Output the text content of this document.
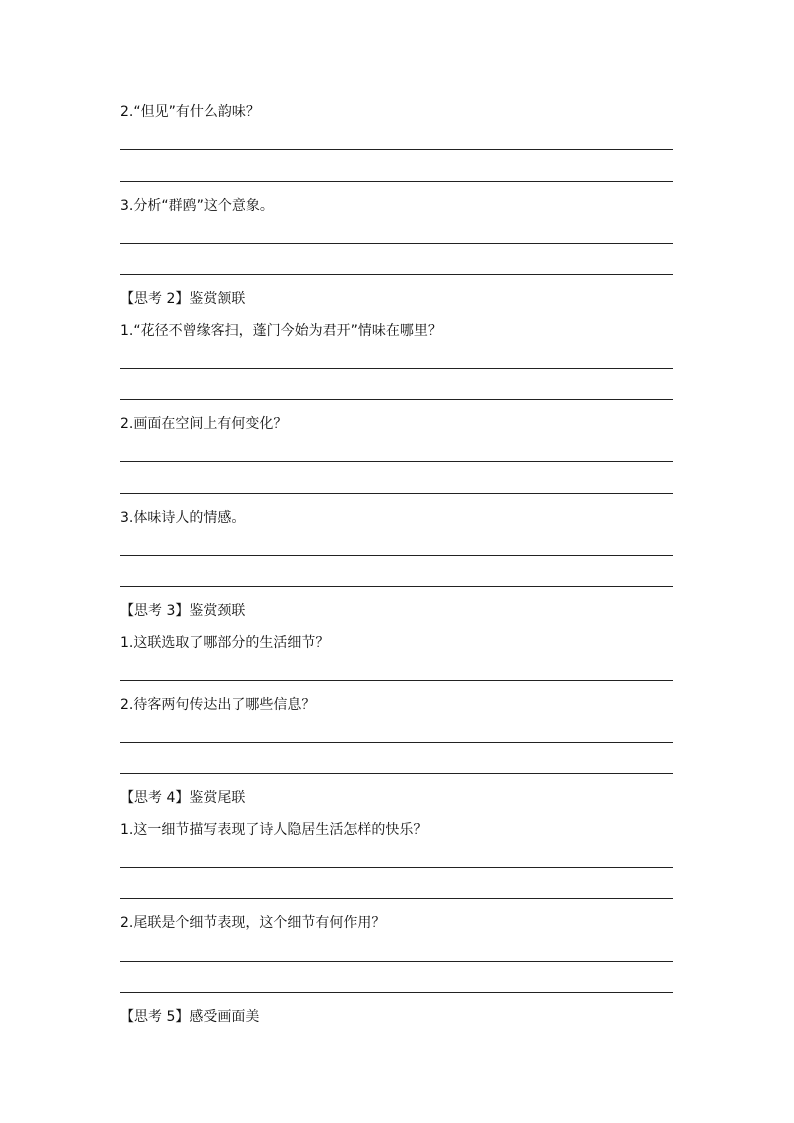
2.“但见”有什么韵味？
3.分析“群鸥”这个意象。
【思考 2】鉴赏颔联
1.“花径不曾缘客扫，蓬门今始为君开”情味在哪里？
2.画面在空间上有何变化？
3.体味诗人的情感。
【思考 3】鉴赏颈联
1.这联选取了哪部分的生活细节？
2.待客两句传达出了哪些信息？
【思考 4】鉴赏尾联
1.这一细节描写表现了诗人隐居生活怎样的快乐？
2.尾联是个细节表现，这个细节有何作用？
【思考 5】感受画面美
